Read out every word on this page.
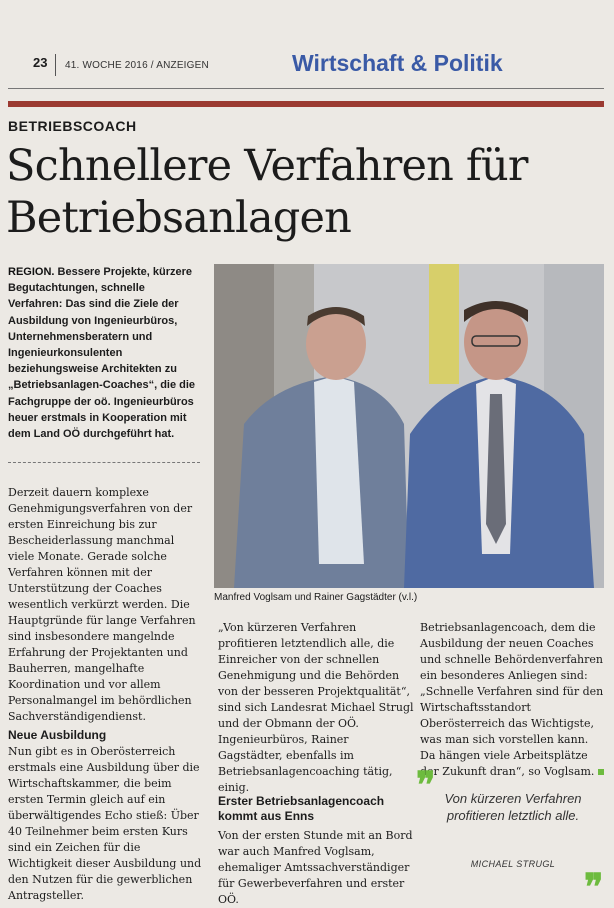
23 41. WOCHE 2016 / ANZEIGEN	Wirtschaft & Politik
BETRIEBSCOACH
Schnellere Verfahren für
Betriebsanlagen
REGION. Bessere Projekte, kürzere Begutachtungen, schnelle Verfahren: Das sind die Ziele der Ausbildung von Ingenieurbüros, Unternehmensberatern und Ingenieurkonsulenten beziehungsweise Architekten zu „Betriebsanlagen-Coaches“, die die Fachgruppe der oö. Ingenieurbüros heuer erstmals in Kooperation mit dem Land OÖ durchgeführt hat.
Derzeit dauern komplexe Genehmigungsverfahren von der ersten Einreichung bis zur Bescheiderlassung manchmal viele Monate. Gerade solche Verfahren können mit der Unterstützung der Coaches wesentlich verkürzt werden. Die Hauptgründe für lange Verfahren sind insbesondere mangelnde Erfahrung der Projektanten und Bauherren, mangelhafte Koordination und vor allem Personalmangel im behördlichen Sachverständigendienst.
Neue Ausbildung
Nun gibt es in Oberösterreich erstmals eine Ausbildung über die Wirtschaftskammer, die beim ersten Termin gleich auf ein überwältigendes Echo stieß: Über 40 Teilnehmer beim ersten Kurs sind ein Zeichen für die Wichtigkeit dieser Ausbildung und den Nutzen für die gewerblichen Antragsteller.
Manfred Voglsam und Rainer Gagstädter (v.l.)
„Von kürzeren Verfahren profitieren letztendlich alle, die Einreicher von der schnellen Genehmigung und die Behörden von der besseren Projektqualität“, sind sich Landesrat Michael Strugl und der Obmann der OÖ. Ingenieurbüros, Rainer Gagstädter, ebenfalls im Betriebsanlagencoaching tätig, einig.
Erster Betriebsanlagencoach kommt aus Enns
Von der ersten Stunde mit an Bord war auch Manfred Voglsam, ehemaliger Amtssachverständiger für Gewerbeverfahren und erster OÖ.
Betriebsanlagencoach, dem die Ausbildung der neuen Coaches und schnelle Behördenverfahren ein besonderes Anliegen sind: „Schnelle Verfahren sind für den Wirtschaftsstandort Oberösterreich das Wichtigste, was man sich vorstellen kann. Da hängen viele Arbeitsplätze der Zukunft dran“, so Voglsam.
❞ Von kürzeren Verfahren profitieren letztlich alle.
MICHAEL STRUGL
❞
